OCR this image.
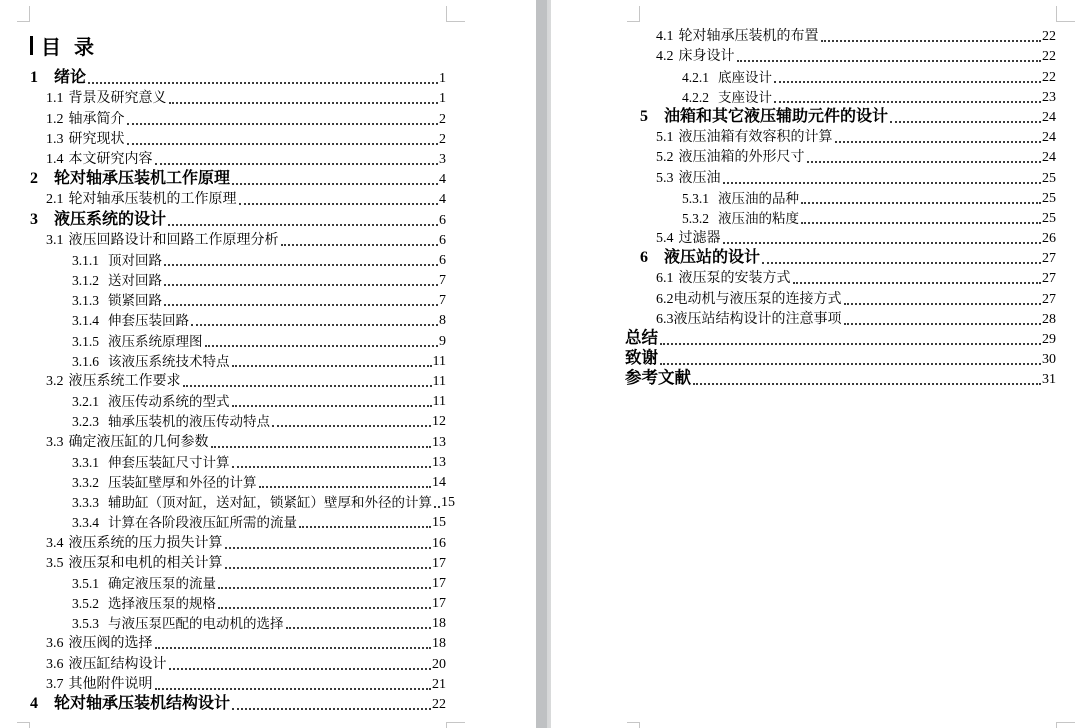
目  录
1	绪论	1
1.1 背景及研究意义	1
1.2 轴承简介	2
1.3 研究现状	2
1.4 本文研究内容	3
2	轮对轴承压装机工作原理	4
2.1 轮对轴承压装机的工作原理	4
3	液压系统的设计	6
3.1 液压回路设计和回路工作原理分析	6
3.1.1 顶对回路	6
3.1.2 送对回路	7
3.1.3 锁紧回路	7
3.1.4 伸套压装回路	8
3.1.5 液压系统原理图	9
3.1.6 该液压系统技术特点	11
3.2 液压系统工作要求	11
3.2.1 液压传动系统的型式	11
3.2.3 轴承压装机的液压传动特点	12
3.3 确定液压缸的几何参数	13
3.3.1 伸套压装缸尺寸计算	13
3.3.2 压装缸壁厚和外径的计算	14
3.3.3 辅助缸（顶对缸，送对缸，锁紧缸）壁厚和外径的计算 15
3.3.4 计算在各阶段液压缸所需的流量	15
3.4 液压系统的压力损失计算	16
3.5 液压泵和电机的相关计算	17
3.5.1 确定液压泵的流量	17
3.5.2 选择液压泵的规格	17
3.5.3 与液压泵匹配的电动机的选择	18
3.6 液压阀的选择	18
3.6 液压缸结构设计	20
3.7 其他附件说明	21
4	轮对轴承压装机结构设计	22
4.1 轮对轴承压装机的布置	22
4.2 床身设计	22
4.2.1 底座设计	22
4.2.2 支座设计	23
5	油箱和其它液压辅助元件的设计	24
5.1 液压油箱有效容积的计算	24
5.2 液压油箱的外形尺寸	24
5.3 液压油	25
5.3.1 液压油的品种	25
5.3.2 液压油的粘度	25
5.4 过滤器	26
6	液压站的设计	27
6.1 液压泵的安装方式	27
6.2 电动机与液压泵的连接方式	27
6.3 液压站结构设计的注意事项	28
总结	29
致谢	30
参考文献	31
